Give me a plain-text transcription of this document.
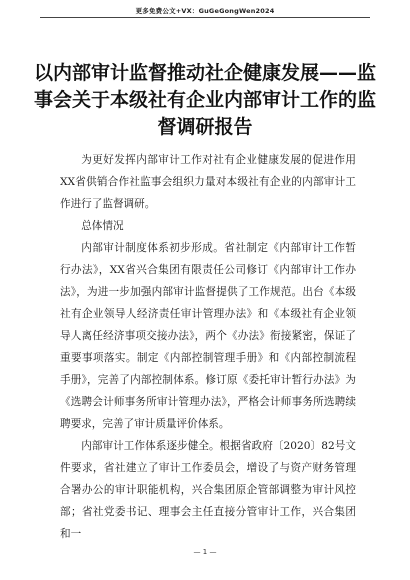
更多免费公文+VX：GuGeGongWen2024
以内部审计监督推动社企健康发展——监事会关于本级社有企业内部审计工作的监督调研报告

为更好发挥内部审计工作对社有企业健康发展的促进作用XX省供销合作社监事会组织力量对本级社有企业的内部审计工作进行了监督调研。

总体情况

内部审计制度体系初步形成。省社制定《内部审计工作暂行办法》，XX省兴合集团有限责任公司修订《内部审计工作办法》，为进一步加强内部审计监督提供了工作规范。出台《本级社有企业领导人经济责任审计管理办法》和《本级社有企业领导人离任经济事项交接办法》，两个《办法》衔接紧密，保证了重要事项落实。制定《内部控制管理手册》和《内部控制流程手册》，完善了内部控制体系。修订原《委托审计暂行办法》为《选聘会计师事务所审计管理办法》，严格会计师事务所选聘续聘要求，完善了审计质量评价体系。

内部审计工作体系逐步健全。根据省政府〔2020〕82号文件要求，省社建立了审计工作委员会，增设了与资产财务管理合署办公的审计职能机构，兴合集团原企管部调整为审计风控部；省社党委书记、理事会主任直接分管审计工作，兴合集团和一

— 1 —
